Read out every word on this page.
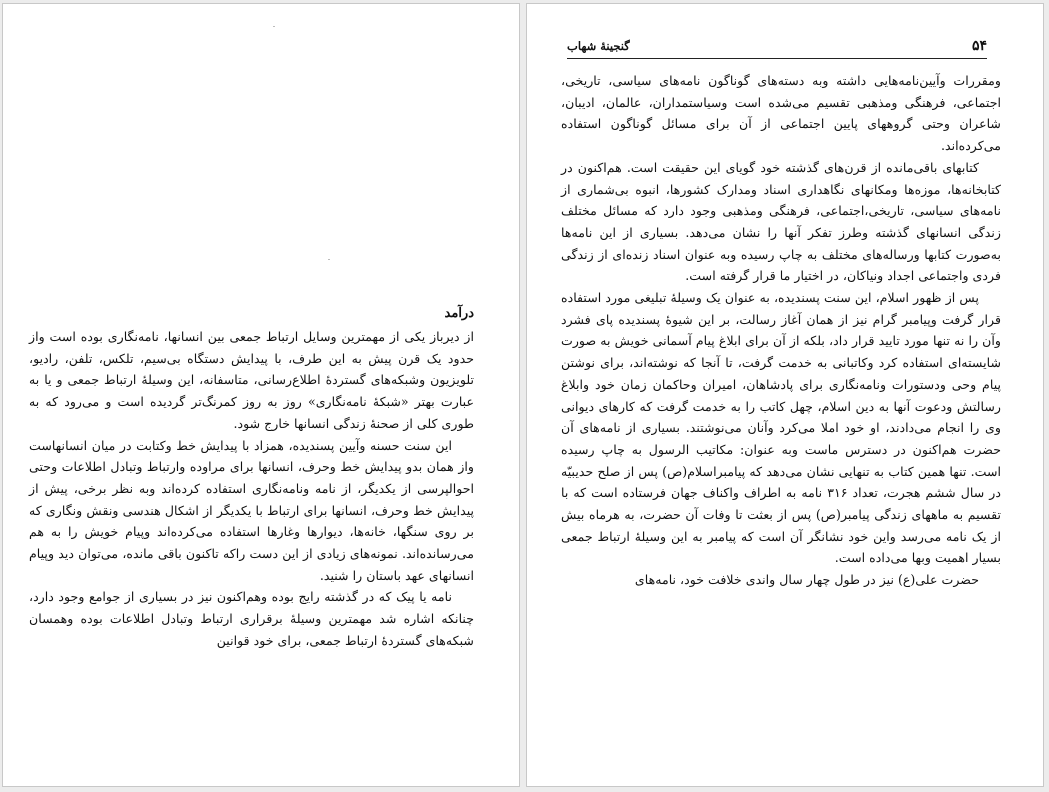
درآمد

از دیرباز یکی از مهمترین وسایل ارتباط جمعی بین انسانها، نامه‌نگاری بوده است واز حدود یک قرن پیش به این طرف، با پیدایش دستگاه بی‌سیم، تلکس، تلفن، رادیو، تلویزیون وشبکه‌های گستردهٔ اطلاع‌رسانی، متاسفانه، این وسیلهٔ ارتباط جمعی و یا به عبارت بهتر «شبکهٔ نامه‌نگاری» روز به روز کمرنگ‌تر گردیده است و می‌رود که به طوری کلی از صحنهٔ زندگی انسانها خارج شود.

این سنت حسنه وآیین پسندیده، همزاد با پیدایش خط وکتابت در میان انسانهاست واز همان بدو پیدایش خط وحرف، انسانها برای مراوده وارتباط وتبادل اطلاعات وحتی احوالپرسی از یکدیگر، از نامه ونامه‌نگاری استفاده کرده‌اند وبه نظر برخی، پیش از پیدایش خط وحرف، انسانها برای ارتباط با یکدیگر از اشکال هندسی ونقش ونگاری که بر روی سنگها، خانه‌ها، دیوارها وغارها استفاده می‌کرده‌اند وپیام خویش را به هم می‌رسانده‌اند. نمونه‌های زیادی از این دست راکه تاکنون باقی مانده، می‌توان دید وپیام انسانهای عهد باستان را شنید.

نامه یا پیک که در گذشته رایج بوده وهم‌اکنون نیز در بسیاری از جوامع وجود دارد، چنانکه اشاره شد مهمترین وسیلهٔ برقراری ارتباط وتبادل اطلاعات بوده وهمسان شبکه‌های گستردهٔ ارتباط جمعی، برای خود قوانین

۵۴
گنجینهٔ شهاب

ومقررات وآیین‌نامه‌هایی داشته وبه دسته‌های گوناگون نامه‌های سیاسی، تاریخی، اجتماعی، فرهنگی ومذهبی تقسیم می‌شده است وسیاستمداران، عالمان، ادیبان، شاعران وحتی گروههای پایین اجتماعی از آن برای مسائل گوناگون استفاده می‌کرده‌اند.

کتابهای باقی‌مانده از قرن‌های گذشته خود گویای این حقیقت است. هم‌اکنون در کتابخانه‌ها، موزه‌ها ومکانهای نگاهداری اسناد ومدارک کشورها، انبوه بی‌شماری از نامه‌های سیاسی، تاریخی،اجتماعی، فرهنگی ومذهبی وجود دارد که مسائل مختلف زندگی انسانهای گذشته وطرز تفکر آنها را نشان می‌دهد. بسیاری از این نامه‌ها به‌صورت کتابها ورساله‌های مختلف به چاپ رسیده وبه عنوان اسناد زنده‌ای از زندگی فردی واجتماعی اجداد ونیاکان، در اختیار ما قرار گرفته است.

پس از ظهور اسلام، این سنت پسندیده، به عنوان یک وسیلهٔ تبلیغی مورد استفاده قرار گرفت وپیامبر گرام نیز از همان آغاز رسالت، بر این شیوهٔ پسندیده پای فشرد وآن را نه تنها مورد تایید قرار داد، بلکه از آن برای ابلاغ پیام آسمانی خویش به صورت شایسته‌ای استفاده کرد وکاتبانی به خدمت گرفت، تا آنجا که نوشته‌اند، برای نوشتن پیام وحی ودستورات ونامه‌نگاری برای پادشاهان، امیران وحاکمان زمان خود وابلاغ رسالتش ودعوت آنها به دین اسلام، چهل کاتب را به خدمت گرفت که کارهای دیوانی وی را انجام می‌دادند، او خود املا می‌کرد وآنان می‌نوشتند. بسیاری از نامه‌های آن حضرت هم‌اکنون در دسترس ماست وبه عنوان: مکاتیب الرسول به چاپ رسیده است. تنها همین کتاب به تنهایی نشان می‌دهد که پیامبراسلام(ص) پس از صلح حدیبیّه در سال ششم هجرت، تعداد ۳۱۶ نامه به اطراف واکناف جهان فرستاده است که با تقسیم به ماههای زندگی پیامبر(ص) پس از بعثت تا وفات آن حضرت، به هرماه بیش از یک نامه می‌رسد واین خود نشانگر آن است که پیامبر به این وسیلهٔ ارتباط جمعی بسیار اهمیت وبها می‌داده است.

حضرت علی(ع) نیز در طول چهار سال واندی خلافت خود، نامه‌های
